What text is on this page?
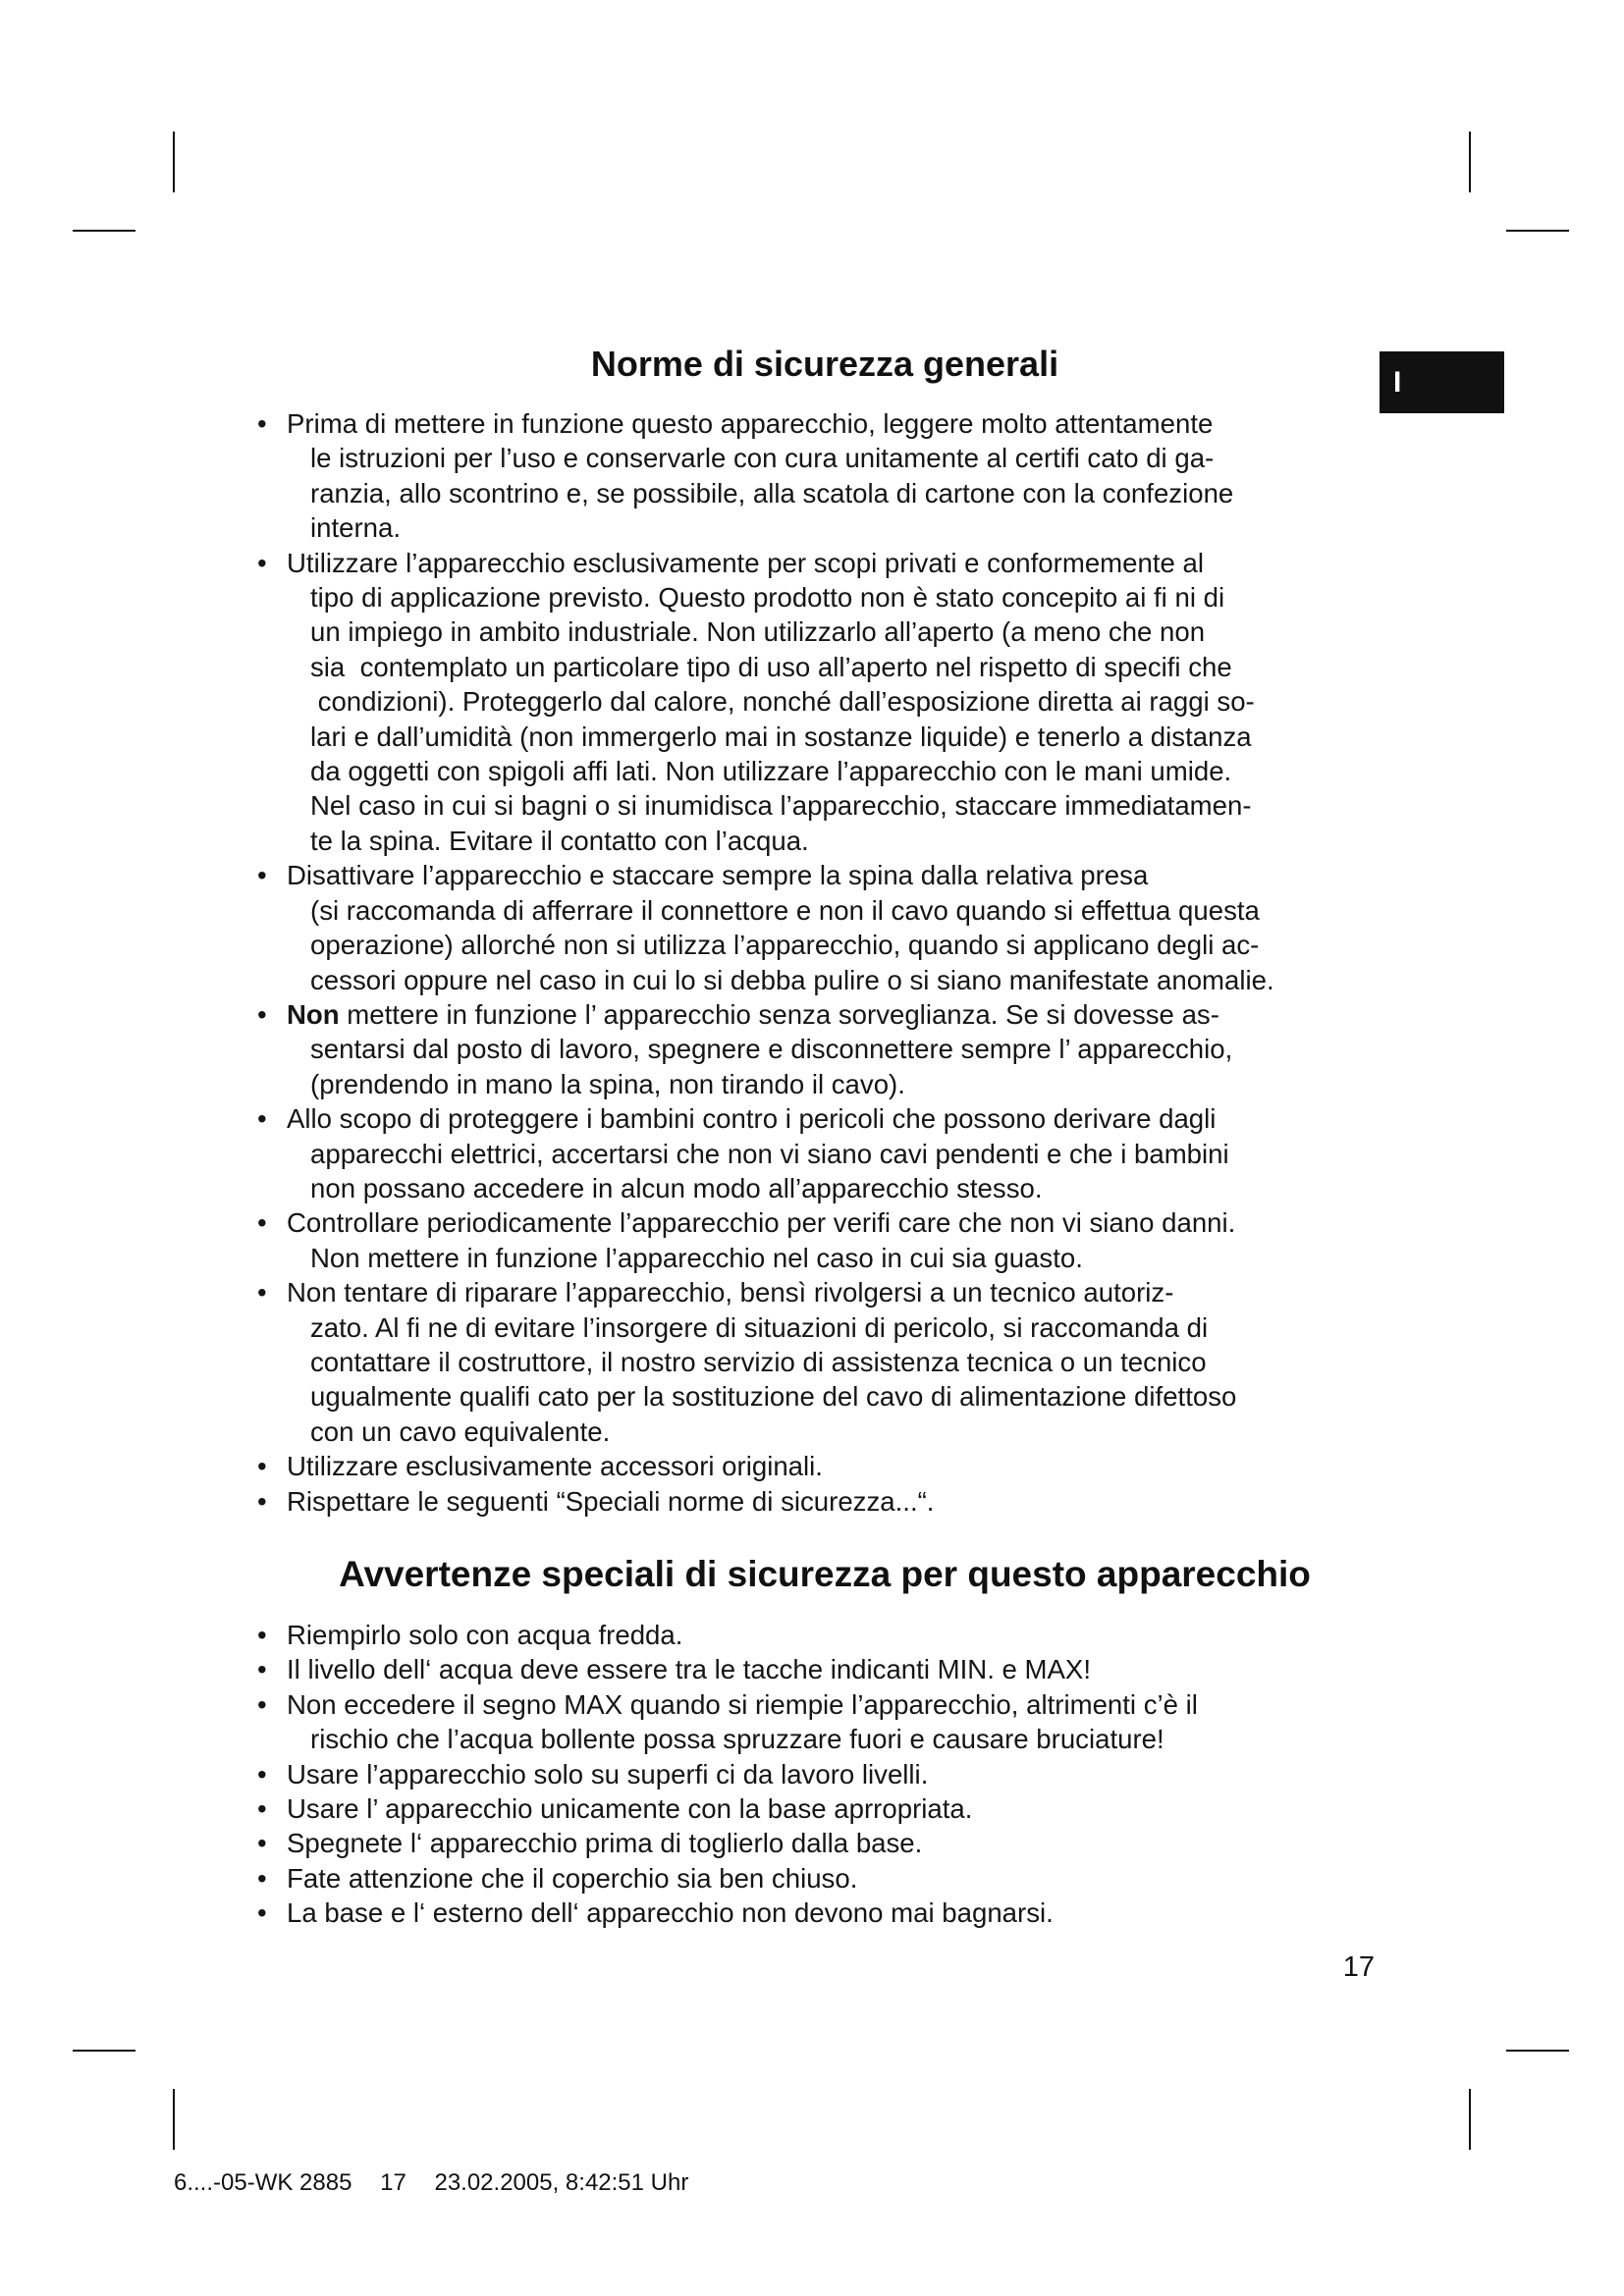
I
Norme di sicurezza generali
• Prima di mettere in funzione questo apparecchio, leggere molto attentamente
le istruzioni per l’uso e conservarle con cura unitamente al certifi cato di ga-
ranzia, allo scontrino e, se possibile, alla scatola di cartone con la confezione
interna.
• Utilizzare l’apparecchio esclusivamente per scopi privati e conformemente al
tipo di applicazione previsto. Questo prodotto non è stato concepito ai fi ni di
un impiego in ambito industriale. Non utilizzarlo all’aperto (a meno che non
sia  contemplato un particolare tipo di uso all’aperto nel rispetto di specifi che
condizioni). Proteggerlo dal calore, nonché dall’esposizione diretta ai raggi so-
lari e dall’umidità (non immergerlo mai in sostanze liquide) e tenerlo a distanza
da oggetti con spigoli affi lati. Non utilizzare l’apparecchio con le mani umide.
Nel caso in cui si bagni o si inumidisca l’apparecchio, staccare immediatamen-
te la spina. Evitare il contatto con l’acqua.
• Disattivare l’apparecchio e staccare sempre la spina dalla relativa presa
(si raccomanda di afferrare il connettore e non il cavo quando si effettua questa
operazione) allorché non si utilizza l’apparecchio, quando si applicano degli ac-
cessori oppure nel caso in cui lo si debba pulire o si siano manifestate anomalie.
• Non mettere in funzione l’ apparecchio senza sorveglianza. Se si dovesse as-
sentarsi dal posto di lavoro, spegnere e disconnettere sempre l’ apparecchio,
(prendendo in mano la spina, non tirando il cavo).
• Allo scopo di proteggere i bambini contro i pericoli che possono derivare dagli
apparecchi elettrici, accertarsi che non vi siano cavi pendenti e che i bambini
non possano accedere in alcun modo all’apparecchio stesso.
• Controllare periodicamente l’apparecchio per verifi care che non vi siano danni.
Non mettere in funzione l’apparecchio nel caso in cui sia guasto.
• Non tentare di riparare l’apparecchio, bensì rivolgersi a un tecnico autoriz-
zato. Al fi ne di evitare l’insorgere di situazioni di pericolo, si raccomanda di
contattare il costruttore, il nostro servizio di assistenza tecnica o un tecnico
ugualmente qualifi cato per la sostituzione del cavo di alimentazione difettoso
con un cavo equivalente.
• Utilizzare esclusivamente accessori originali.
• Rispettare le seguenti “Speciali norme di sicurezza...“.
Avvertenze speciali di sicurezza per questo apparecchio
• Riempirlo solo con acqua fredda.
• Il livello dell‘ acqua deve essere tra le tacche indicanti MIN. e MAX!
• Non eccedere il segno MAX quando si riempie l’apparecchio, altrimenti c’è il
rischio che l’acqua bollente possa spruzzare fuori e causare bruciature!
• Usare l’apparecchio solo su superfi ci da lavoro livelli.
• Usare l’ apparecchio unicamente con la base aprropriata.
• Spegnete l‘ apparecchio prima di toglierlo dalla base.
• Fate attenzione che il coperchio sia ben chiuso.
• La base e l‘ esterno dell‘ apparecchio non devono mai bagnarsi.
17
6....-05-WK 2885 17 23.02.2005, 8:42:51 Uhr
